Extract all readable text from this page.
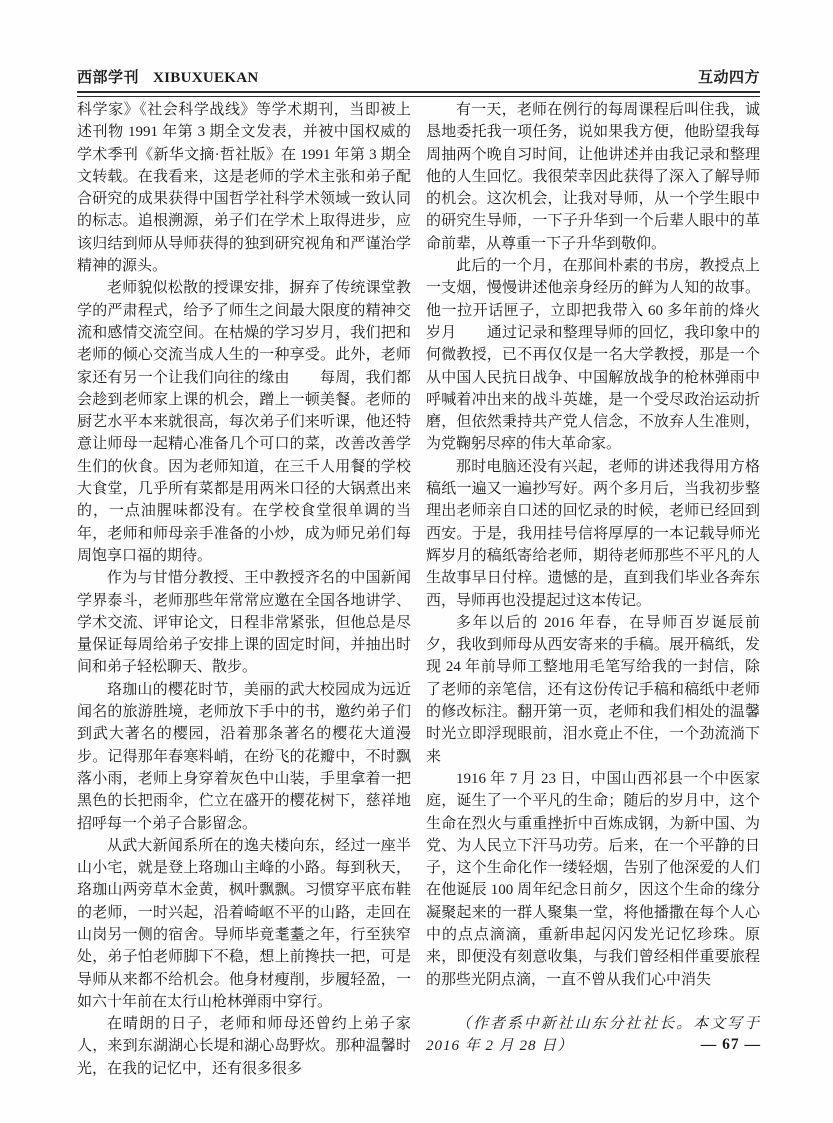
西部学刊 XIBUXUEKAN	互动四方

科学家》《社会科学战线》等学术期刊，当即被上述刊物 1991 年第 3 期全文发表，并被中国权威的学术季刊《新华文摘·哲社版》在 1991 年第 3 期全文转载。在我看来，这是老师的学术主张和弟子配合研究的成果获得中国哲学社科学术领域一致认同的标志。追根溯源，弟子们在学术上取得进步，应该归结到师从导师获得的独到研究视角和严谨治学精神的源头。

老师貌似松散的授课安排，摒弃了传统课堂教学的严肃程式，给予了师生之间最大限度的精神交流和感情交流空间。在枯燥的学习岁月，我们把和老师的倾心交流当成人生的一种享受。此外，老师家还有另一个让我们向往的缘由　　每周，我们都会趁到老师家上课的机会，蹭上一顿美餐。老师的厨艺水平本来就很高，每次弟子们来听课，他还特意让师母一起精心准备几个可口的菜，改善改善学生们的伙食。因为老师知道，在三千人用餐的学校大食堂，几乎所有菜都是用两米口径的大锅煮出来的，一点油腥味都没有。在学校食堂很单调的当年，老师和师母亲手准备的小炒，成为师兄弟们每周饱享口福的期待。

作为与甘惜分教授、王中教授齐名的中国新闻学界泰斗，老师那些年常常应邀在全国各地讲学、学术交流、评审论文，日程非常紧张，但他总是尽量保证每周给弟子安排上课的固定时间，并抽出时间和弟子轻松聊天、散步。

珞珈山的樱花时节，美丽的武大校园成为远近闻名的旅游胜境，老师放下手中的书，邀约弟子们到武大著名的樱园，沿着那条著名的樱花大道漫步。记得那年春寒料峭，在纷飞的花瓣中，不时飘落小雨，老师上身穿着灰色中山装，手里拿着一把黑色的长把雨伞，伫立在盛开的樱花树下，慈祥地招呼每一个弟子合影留念。

从武大新闻系所在的逸夫楼向东，经过一座半山小宅，就是登上珞珈山主峰的小路。每到秋天，珞珈山两旁草木金黄，枫叶飘飘。习惯穿平底布鞋的老师，一时兴起，沿着崎岖不平的山路，走回在山岗另一侧的宿舍。导师毕竟耄耋之年，行至狭窄处，弟子怕老师脚下不稳，想上前搀扶一把，可是导师从来都不给机会。他身材瘦削，步履轻盈，一如六十年前在太行山枪林弹雨中穿行。

在晴朗的日子，老师和师母还曾约上弟子家人，来到东湖湖心长堤和湖心岛野炊。那种温馨时光，在我的记忆中，还有很多很多

有一天，老师在例行的每周课程后叫住我，诚恳地委托我一项任务，说如果我方便，他盼望我每周抽两个晚自习时间，让他讲述并由我记录和整理他的人生回忆。我很荣幸因此获得了深入了解导师的机会。这次机会，让我对导师，从一个学生眼中的研究生导师，一下子升华到一个后辈人眼中的革命前辈，从尊重一下子升华到敬仰。

此后的一个月，在那间朴素的书房，教授点上一支烟，慢慢讲述他亲身经历的鲜为人知的故事。他一拉开话匣子，立即把我带入 60 多年前的烽火岁月　　通过记录和整理导师的回忆，我印象中的何微教授，已不再仅仅是一名大学教授，那是一个从中国人民抗日战争、中国解放战争的枪林弹雨中呼喊着冲出来的战斗英雄，是一个受尽政治运动折磨，但依然秉持共产党人信念，不放弃人生准则，为党鞠躬尽瘁的伟大革命家。

那时电脑还没有兴起，老师的讲述我得用方格稿纸一遍又一遍抄写好。两个多月后，当我初步整理出老师亲自口述的回忆录的时候，老师已经回到西安。于是，我用挂号信将厚厚的一本记载导师光辉岁月的稿纸寄给老师，期待老师那些不平凡的人生故事早日付梓。遗憾的是，直到我们毕业各奔东西，导师再也没提起过这本传记。

多年以后的 2016 年春，在导师百岁诞辰前夕，我收到师母从西安寄来的手稿。展开稿纸，发现 24 年前导师工整地用毛笔写给我的一封信，除了老师的亲笔信，还有这份传记手稿和稿纸中老师的修改标注。翻开第一页，老师和我们相处的温馨时光立即浮现眼前，泪水竟止不住，一个劲流淌下来

1916 年 7 月 23 日，中国山西祁县一个中医家庭，诞生了一个平凡的生命；随后的岁月中，这个生命在烈火与重重挫折中百炼成钢，为新中国、为党、为人民立下汗马功劳。后来，在一个平静的日子，这个生命化作一缕轻烟，告别了他深爱的人们　　在他诞辰 100 周年纪念日前夕，因这个生命的缘分凝聚起来的一群人聚集一堂，将他播撒在每个人心中的点点滴滴，重新串起闪闪发光记忆珍珠。原来，即便没有刻意收集，与我们曾经相伴重要旅程的那些光阴点滴，一直不曾从我们心中消失

（作者系中新社山东分社社长。本文写于 2016 年 2 月 28 日）	— 67 —
